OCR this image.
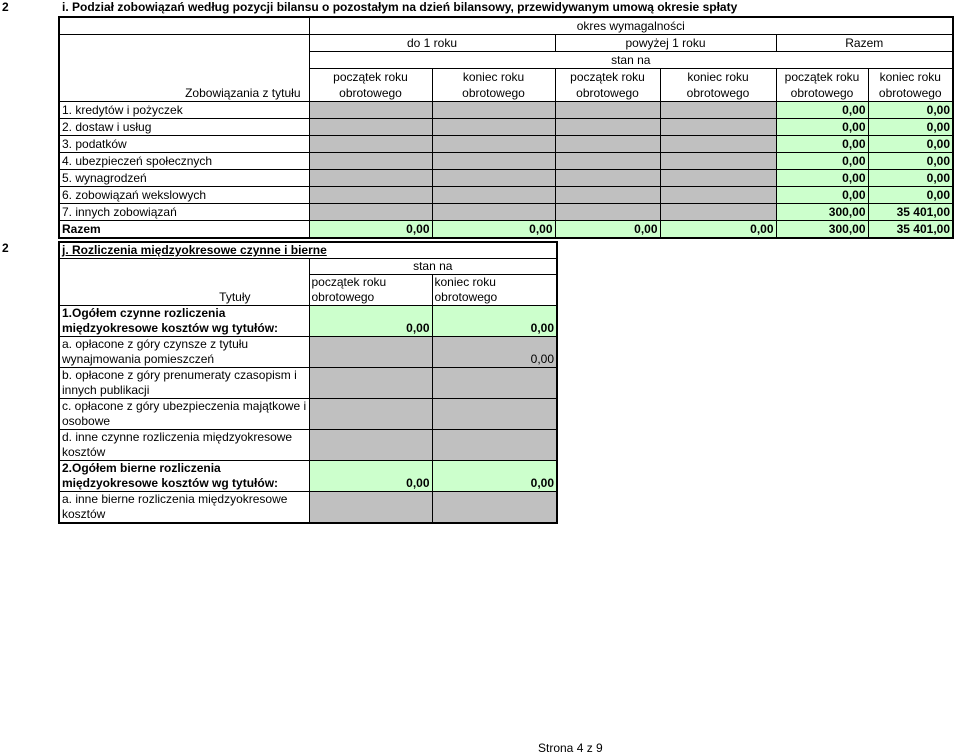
2	i. Podział zobowiązań według pozycji bilansu o pozostałym na dzień bilansowy, przewidywanym umową okresie spłaty
	okres wymagalności					
	do 1 roku		powyżej 1 roku		Razem	
	stan na					
	początek roku	koniec roku	początek roku	koniec roku	początek roku	koniec roku
Zobowiązania z tytułu	obrotowego	obrotowego	obrotowego	obrotowego	obrotowego	obrotowego
1. kredytów i pożyczek					0,00	0,00
2. dostaw i usług					0,00	0,00
3. podatków					0,00	0,00
4. ubezpieczeń społecznych					0,00	0,00
5. wynagrodzeń					0,00	0,00
6. zobowiązań wekslowych					0,00	0,00
7. innych zobowiązań					300,00	35 401,00
Razem	0,00	0,00	0,00	0,00	300,00	35 401,00
2	j. Rozliczenia międzyokresowe czynne i bierne		
	stan na	
	początek roku	koniec roku
Tytuły	obrotowego	obrotowego
1.Ogółem czynne rozliczenia	0,00	0,00
międzyokresowe kosztów wg tytułów:		
a. opłacone z góry czynsze z tytułu		0,00
wynajmowania pomieszczeń		
b. opłacone z góry prenumeraty czasopism i		
innych publikacji		
c. opłacone z góry ubezpieczenia majątkowe i		
osobowe		
d. inne czynne rozliczenia międzyokresowe		
kosztów		
2.Ogółem bierne rozliczenia	0,00	0,00
międzyokresowe kosztów wg tytułów:		
a. inne bierne rozliczenia międzyokresowe		
kosztów		
Strona 4 z 9
